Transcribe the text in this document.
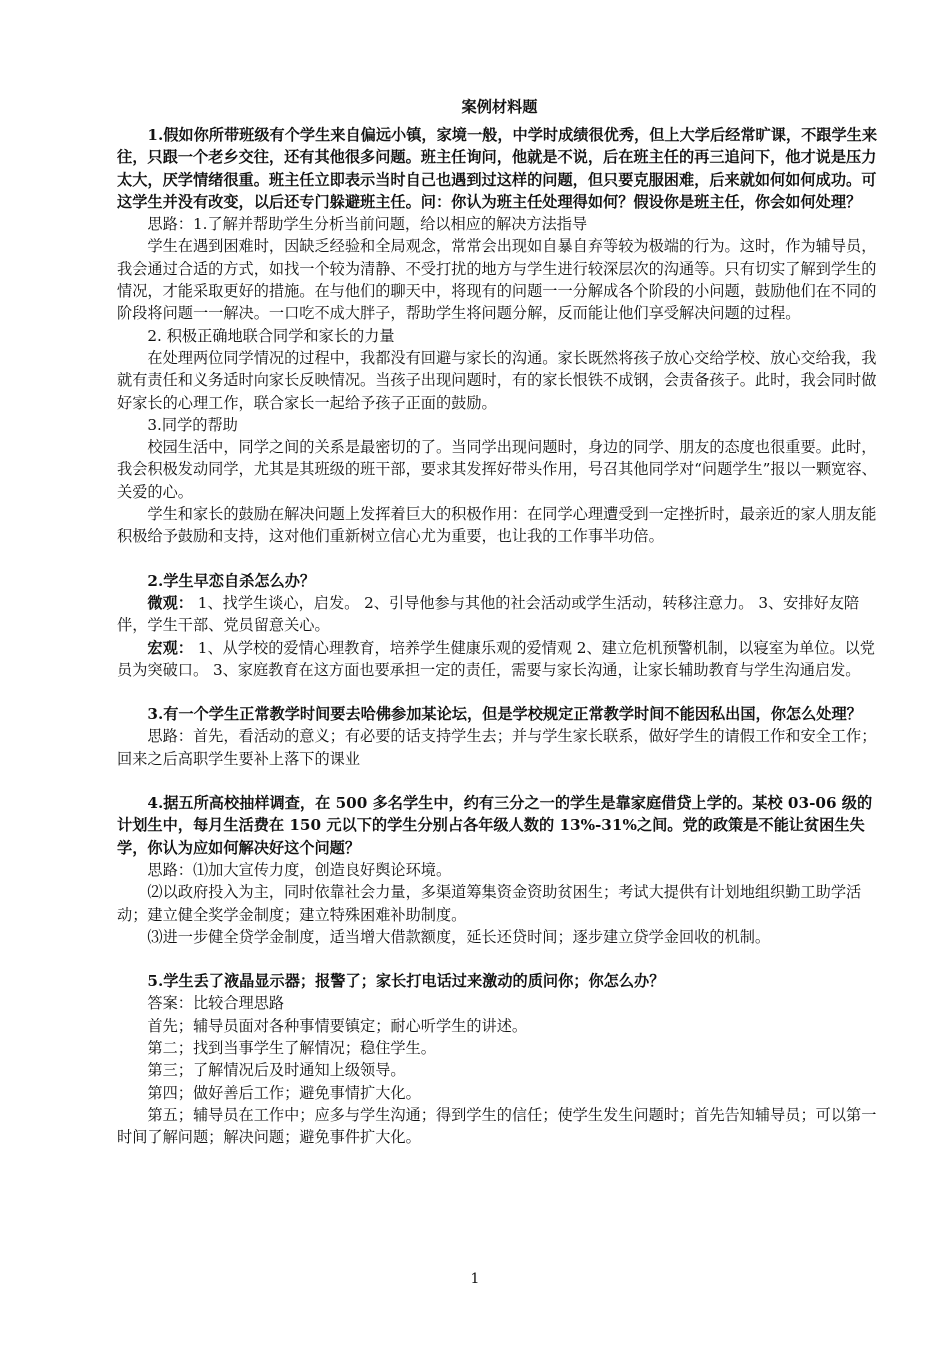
案例材料题

1.假如你所带班级有个学生来自偏远小镇，家境一般，中学时成绩很优秀，但上大学后经常旷课，不跟学生来往，只跟一个老乡交往，还有其他很多问题。班主任询问，他就是不说，后在班主任的再三追问下，他才说是压力太大，厌学情绪很重。班主任立即表示当时自己也遇到过这样的问题，但只要克服困难，后来就如何如何成功。可这学生并没有改变，以后还专门躲避班主任。问：你认为班主任处理得如何？假设你是班主任，你会如何处理？

思路：1.了解并帮助学生分析当前问题，给以相应的解决方法指导

学生在遇到困难时，因缺乏经验和全局观念，常常会出现如自暴自弃等较为极端的行为。这时，作为辅导员，我会通过合适的方式，如找一个较为清静、不受打扰的地方与学生进行较深层次的沟通等。只有切实了解到学生的情况，才能采取更好的措施。在与他们的聊天中，将现有的问题一一分解成各个阶段的小问题，鼓励他们在不同的阶段将问题一一解决。一口吃不成大胖子，帮助学生将问题分解，反而能让他们享受解决问题的过程。

2. 积极正确地联合同学和家长的力量

在处理两位同学情况的过程中，我都没有回避与家长的沟通。家长既然将孩子放心交给学校、放心交给我，我就有责任和义务适时向家长反映情况。当孩子出现问题时，有的家长恨铁不成钢，会责备孩子。此时，我会同时做好家长的心理工作，联合家长一起给予孩子正面的鼓励。

3.同学的帮助

校园生活中，同学之间的关系是最密切的了。当同学出现问题时，身边的同学、朋友的态度也很重要。此时，我会积极发动同学，尤其是其班级的班干部，要求其发挥好带头作用，号召其他同学对“问题学生”报以一颗宽容、关爱的心。

学生和家长的鼓励在解决问题上发挥着巨大的积极作用：在同学心理遭受到一定挫折时，最亲近的家人朋友能积极给予鼓励和支持，这对他们重新树立信心尤为重要，也让我的工作事半功倍。

2.学生早恋自杀怎么办？

微观： 1、找学生谈心，启发。 2、引导他参与其他的社会活动或学生活动，转移注意力。 3、安排好友陪伴，学生干部、党员留意关心。

宏观： 1、从学校的爱情心理教育，培养学生健康乐观的爱情观 2、建立危机预警机制，以寝室为单位。以党员为突破口。 3、家庭教育在这方面也要承担一定的责任，需要与家长沟通，让家长辅助教育与学生沟通启发。

3.有一个学生正常教学时间要去哈佛参加某论坛，但是学校规定正常教学时间不能因私出国，你怎么处理？

思路：首先，看活动的意义；有必要的话支持学生去；并与学生家长联系，做好学生的请假工作和安全工作；回来之后高职学生要补上落下的课业

4.据五所高校抽样调查，在 500 多名学生中，约有三分之一的学生是靠家庭借贷上学的。某校 03-06 级的计划生中，每月生活费在 150 元以下的学生分别占各年级人数的 13%-31%之间。党的政策是不能让贫困生失学，你认为应如何解决好这个问题？

思路：⑴加大宣传力度，创造良好舆论环境。

⑵以政府投入为主，同时依靠社会力量，多渠道筹集资金资助贫困生；考试大提供有计划地组织勤工助学活动；建立健全奖学金制度；建立特殊困难补助制度。

⑶进一步健全贷学金制度，适当增大借款额度，延长还贷时间；逐步建立贷学金回收的机制。

5.学生丢了液晶显示器；报警了；家长打电话过来激动的质问你；你怎么办？

答案：比较合理思路

首先；辅导员面对各种事情要镇定；耐心听学生的讲述。

第二；找到当事学生了解情况；稳住学生。

第三；了解情况后及时通知上级领导。

第四；做好善后工作；避免事情扩大化。

第五；辅导员在工作中；应多与学生沟通；得到学生的信任；使学生发生问题时；首先告知辅导员；可以第一时间了解问题；解决问题；避免事件扩大化。

1
